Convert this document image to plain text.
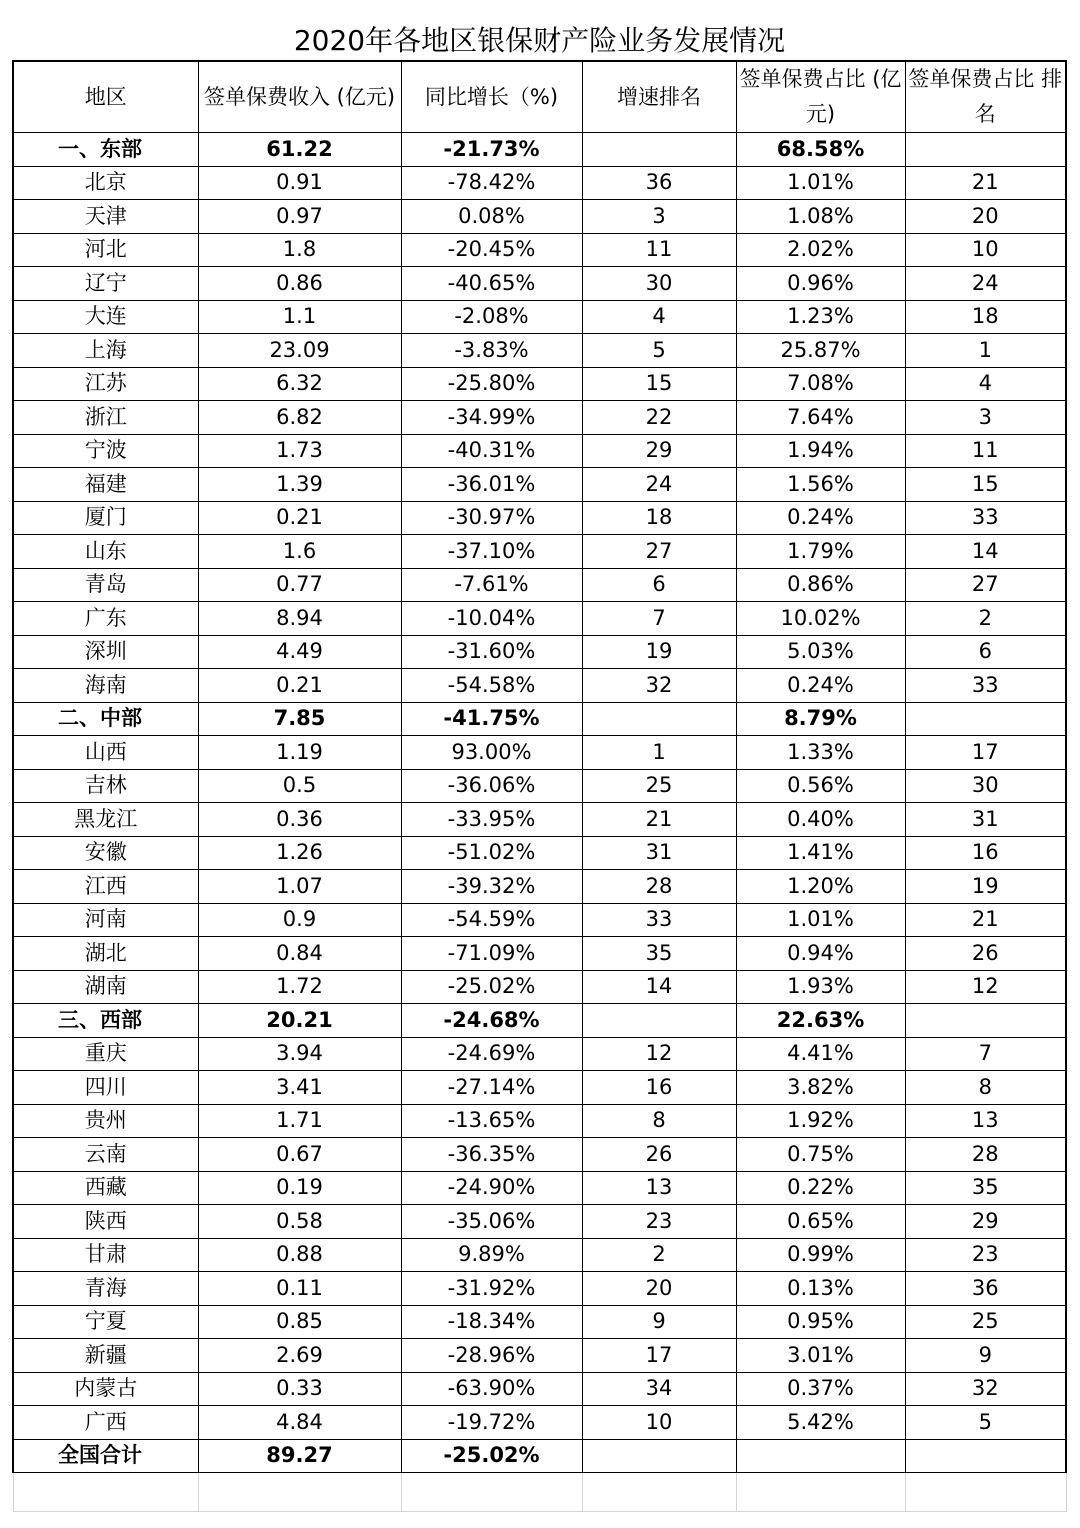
2020年各地区银保财产险业务发展情况					
地区	签单保费收入 (亿元)	同比增长（%)	增速排名	签单保费占比 (亿元)	签单保费占比 排名
一、东部	61.22	-21.73%		68.58%	
北京	0.91	-78.42%	36	1.01%	21
天津	0.97	0.08%	3	1.08%	20
河北	1.8	-20.45%	11	2.02%	10
辽宁	0.86	-40.65%	30	0.96%	24
大连	1.1	-2.08%	4	1.23%	18
上海	23.09	-3.83%	5	25.87%	1
江苏	6.32	-25.80%	15	7.08%	4
浙江	6.82	-34.99%	22	7.64%	3
宁波	1.73	-40.31%	29	1.94%	11
福建	1.39	-36.01%	24	1.56%	15
厦门	0.21	-30.97%	18	0.24%	33
山东	1.6	-37.10%	27	1.79%	14
青岛	0.77	-7.61%	6	0.86%	27
广东	8.94	-10.04%	7	10.02%	2
深圳	4.49	-31.60%	19	5.03%	6
海南	0.21	-54.58%	32	0.24%	33
二、中部	7.85	-41.75%		8.79%	
山西	1.19	93.00%	1	1.33%	17
吉林	0.5	-36.06%	25	0.56%	30
黑龙江	0.36	-33.95%	21	0.40%	31
安徽	1.26	-51.02%	31	1.41%	16
江西	1.07	-39.32%	28	1.20%	19
河南	0.9	-54.59%	33	1.01%	21
湖北	0.84	-71.09%	35	0.94%	26
湖南	1.72	-25.02%	14	1.93%	12
三、西部	20.21	-24.68%		22.63%	
重庆	3.94	-24.69%	12	4.41%	7
四川	3.41	-27.14%	16	3.82%	8
贵州	1.71	-13.65%	8	1.92%	13
云南	0.67	-36.35%	26	0.75%	28
西藏	0.19	-24.90%	13	0.22%	35
陕西	0.58	-35.06%	23	0.65%	29
甘肃	0.88	9.89%	2	0.99%	23
青海	0.11	-31.92%	20	0.13%	36
宁夏	0.85	-18.34%	9	0.95%	25
新疆	2.69	-28.96%	17	3.01%	9
内蒙古	0.33	-63.90%	34	0.37%	32
广西	4.84	-19.72%	10	5.42%	5
全国合计	89.27	-25.02%			
